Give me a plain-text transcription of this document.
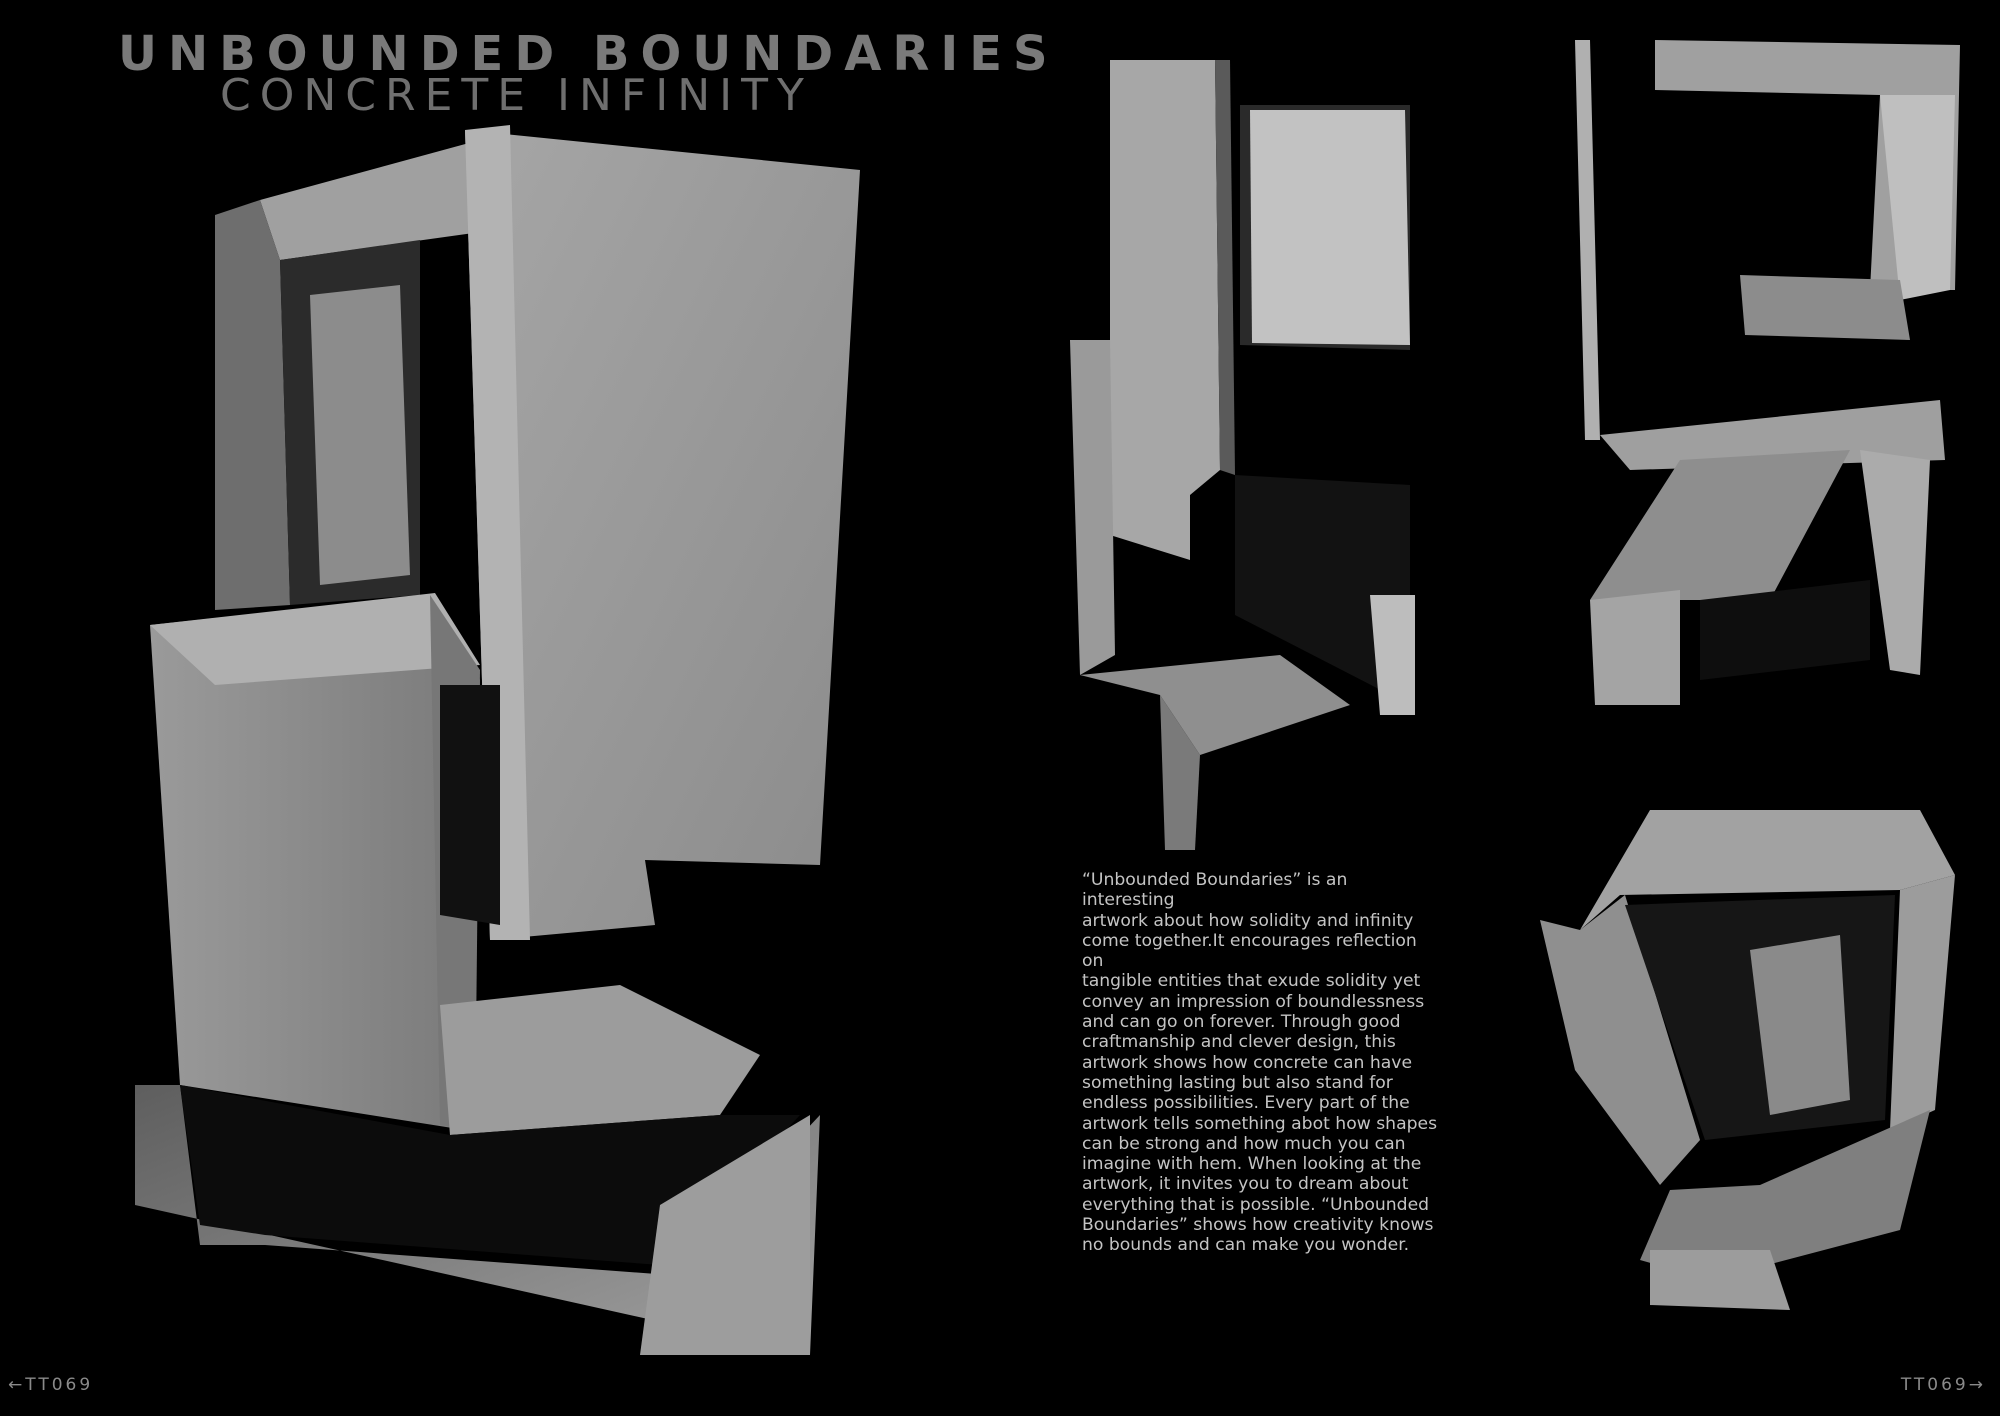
UNBOUNDED BOUNDARIES
CONCRETE INFINITY
“Unbounded Boundaries” is an interesting
artwork about how solidity and infinity
come together.It encourages reflection on
tangible entities that exude solidity yet
convey an impression of boundlessness
and can go on forever. Through good
craftmanship and clever design, this
artwork shows how concrete can have
something lasting but also stand for
endless possibilities. Every part of the
artwork tells something abot how shapes
can be strong and how much you can
imagine with hem. When looking at the
artwork, it invites you to dream about
everything that is possible. “Unbounded
Boundaries” shows how creativity knows
no bounds and can make you wonder.
←TT069	TT069→
